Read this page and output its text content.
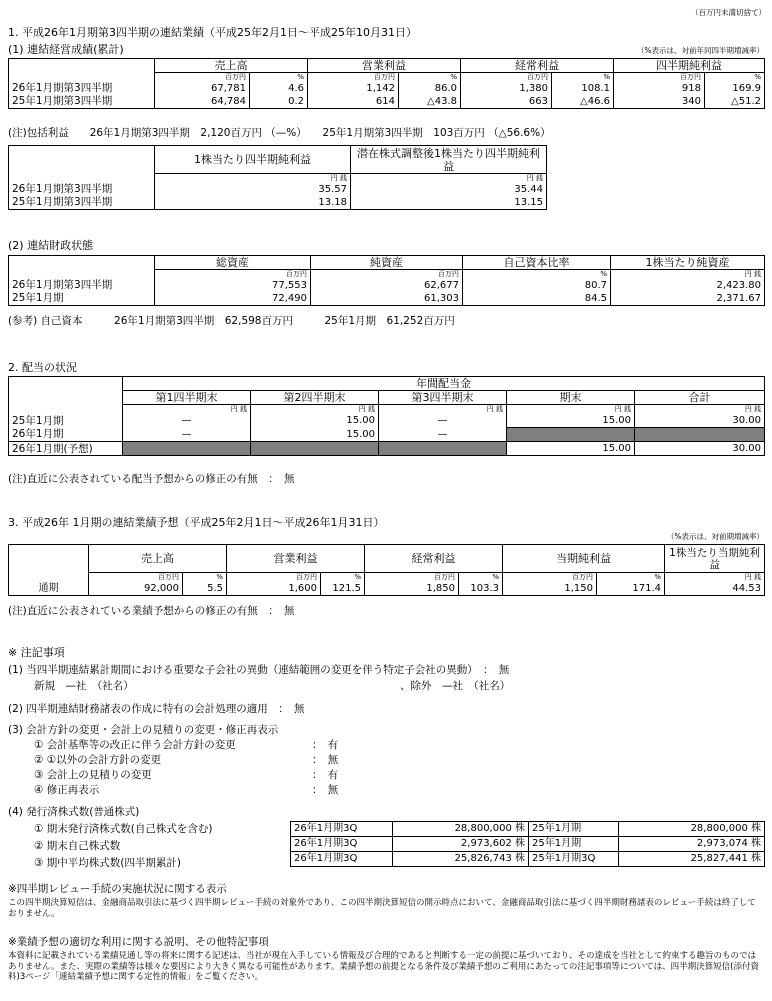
（百万円未満切捨て）
1. 平成26年1月期第3四半期の連結業績（平成25年2月1日～平成25年10月31日）
(1) 連結経営成績(累計)	（%表示は、対前年同四半期増減率）
	売上高		営業利益		経常利益		四半期純利益	
	百万円	%	百万円	%	百万円	%	百万円	%
26年1月期第3四半期	67,781	4.6	1,142	86.0	1,380	108.1	918	169.9
25年1月期第3四半期	64,784	0.2	614	△43.8	663	△46.6	340	△51.2
(注)包括利益　　26年1月期第3四半期　2,120百万円 （—%）　　25年1月期第3四半期　103百万円 （△56.6%）
	1株当たり四半期純利益	潜在株式調整後1株当たり四半期純利益
	円 銭	円 銭
26年1月期第3四半期	35.57	35.44
25年1月期第3四半期	13.18	13.15
(2) 連結財政状態
	総資産	純資産	自己資本比率	1株当たり純資産
	百万円	百万円	%	円 銭
26年1月期第3四半期	77,553	62,677	80.7	2,423.80
25年1月期	72,490	61,303	84.5	2,371.67
(参考) 自己資本　　　26年1月期第3四半期　62,598百万円　　　25年1月期　61,252百万円
2. 配当の状況
	年間配当金				
	第1四半期末	第2四半期末	第3四半期末	期末	合計
	円 銭	円 銭	円 銭	円 銭	円 銭
25年1月期	—	15.00	—	15.00	30.00
26年1月期	—	15.00	—		
26年1月期(予想)				15.00	30.00
(注)直近に公表されている配当予想からの修正の有無　：　無
3. 平成26年 1月期の連結業績予想（平成25年2月1日～平成26年1月31日）
（%表示は、対前期増減率）
	売上高		営業利益		経常利益		当期純利益		1株当たり当期純利益
	百万円	%	百万円	%	百万円	%	百万円	%	円 銭
通期	92,000	5.5	1,600	121.5	1,850	103.3	1,150	171.4	44.53
(注)直近に公表されている業績予想からの修正の有無　：　無
※ 注記事項
(1) 当四半期連結累計期間における重要な子会社の異動（連結範囲の変更を伴う特定子会社の異動）　：　無
新規　—社　（社名）	、除外　—社　（社名）
(2) 四半期連結財務諸表の作成に特有の会計処理の適用　：　無
(3) 会計方針の変更・会計上の見積りの変更・修正再表示
① 会計基準等の改正に伴う会計方針の変更	：　有
② ①以外の会計方針の変更	：　無
③ 会計上の見積りの変更	：　有
④ 修正再表示	：　無
(4) 発行済株式数(普通株式)
① 期末発行済株式数(自己株式を含む)
② 期末自己株式数
③ 期中平均株式数(四半期累計)
26年1月期3Q	28,800,000 株	25年1月期	28,800,000 株
26年1月期3Q	2,973,602 株	25年1月期	2,973,074 株
26年1月期3Q	25,826,743 株	25年1月期3Q	25,827,441 株
※四半期レビュー手続の実施状況に関する表示
この四半期決算短信は、金融商品取引法に基づく四半期レビュー手続の対象外であり、この四半期決算短信の開示時点において、金融商品取引法に基づく四半期財務諸表のレビュー手続は終了しておりません。
※業績予想の適切な利用に関する説明、その他特記事項
本資料に記載されている業績見通し等の将来に関する記述は、当社が現在入手している情報及び合理的であると判断する一定の前提に基づいており、その達成を当社として約束する趣旨のものではありません。また、実際の業績等は様々な要因により大きく異なる可能性があります。業績予想の前提となる条件及び業績予想のご利用にあたっての注記事項等については、四半期決算短信(添付資料)3ページ「連結業績予想に関する定性的情報」をご覧ください。
